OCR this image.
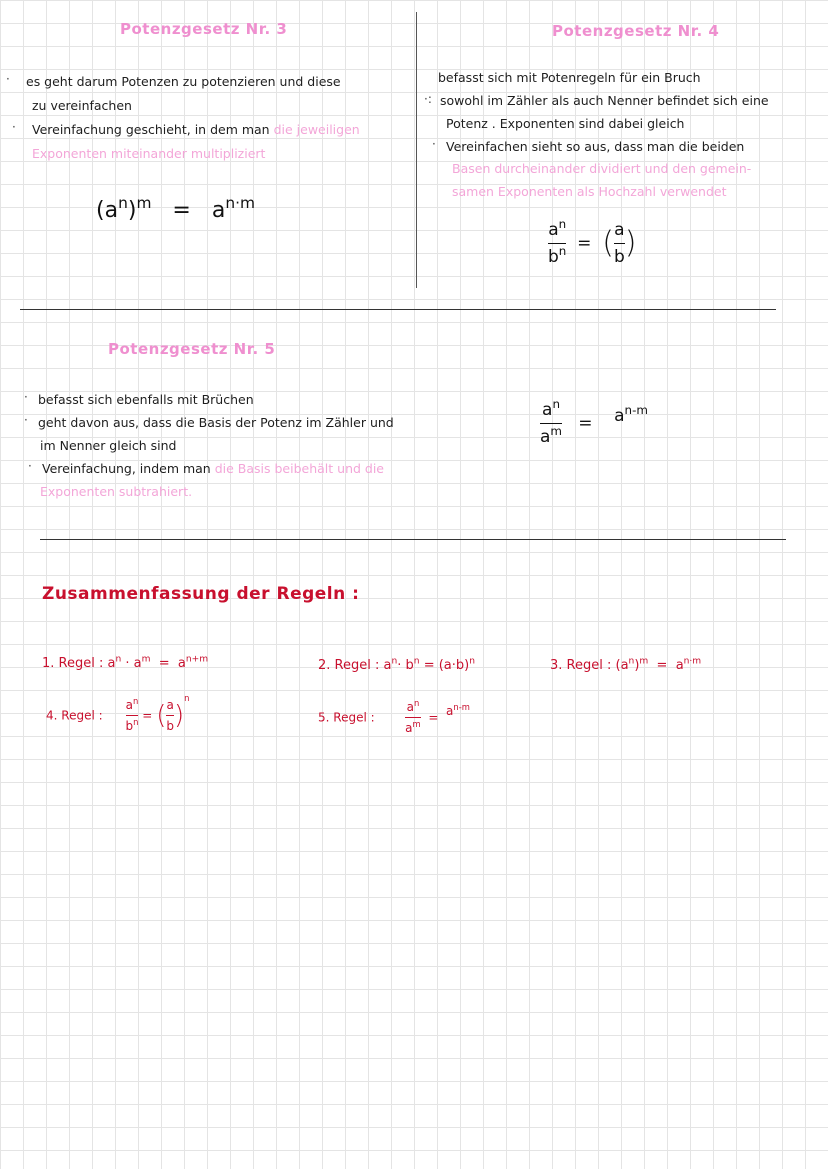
Potenzgesetz Nr. 3
· es geht darum Potenzen zu potenzieren und diese
zu vereinfachen
· Vereinfachung geschieht, in dem man die jeweiligen
Exponenten miteinander multipliziert
$(a^n)^m = a^{n\cdot m}$
Potenzgesetz Nr. 4
befasst sich mit Potenregeln für ein Bruch
·: sowohl im Zähler als auch Nenner befindet sich eine
Potenz . Exponenten sind dabei gleich
· Vereinfachen sieht so aus, dass man die beiden
Basen durcheinander dividiert und den gemein-
samen Exponenten als Hochzahl verwendet
$\frac{a^n}{b^n}$ = ( $\frac{a}{b}$ )
Potenzgesetz Nr. 5
· befasst sich ebenfalls mit Brüchen
· geht davon aus, dass die Basis der Potenz im Zähler und
im Nenner gleich sind
· Vereinfachung, indem man die Basis beibehält und die
Exponenten subtrahiert.
$\frac{a^n}{a^m} = a^{n-m}$
Zusammenfassung der Regeln :
1. Regel : $a^n \cdot a^m = a^{n+m}$	2. Regel : $a^n\cdot b^n = (a\cdot b)^n$	3. Regel : $(a^n)^m = a^{n\cdot m}$
4. Regel : $\frac{a^n}{b^n}$ = ( $\frac{a}{b} )^n$
5. Regel :	$\frac{a^n}{a^m} = a^{n-m}$
